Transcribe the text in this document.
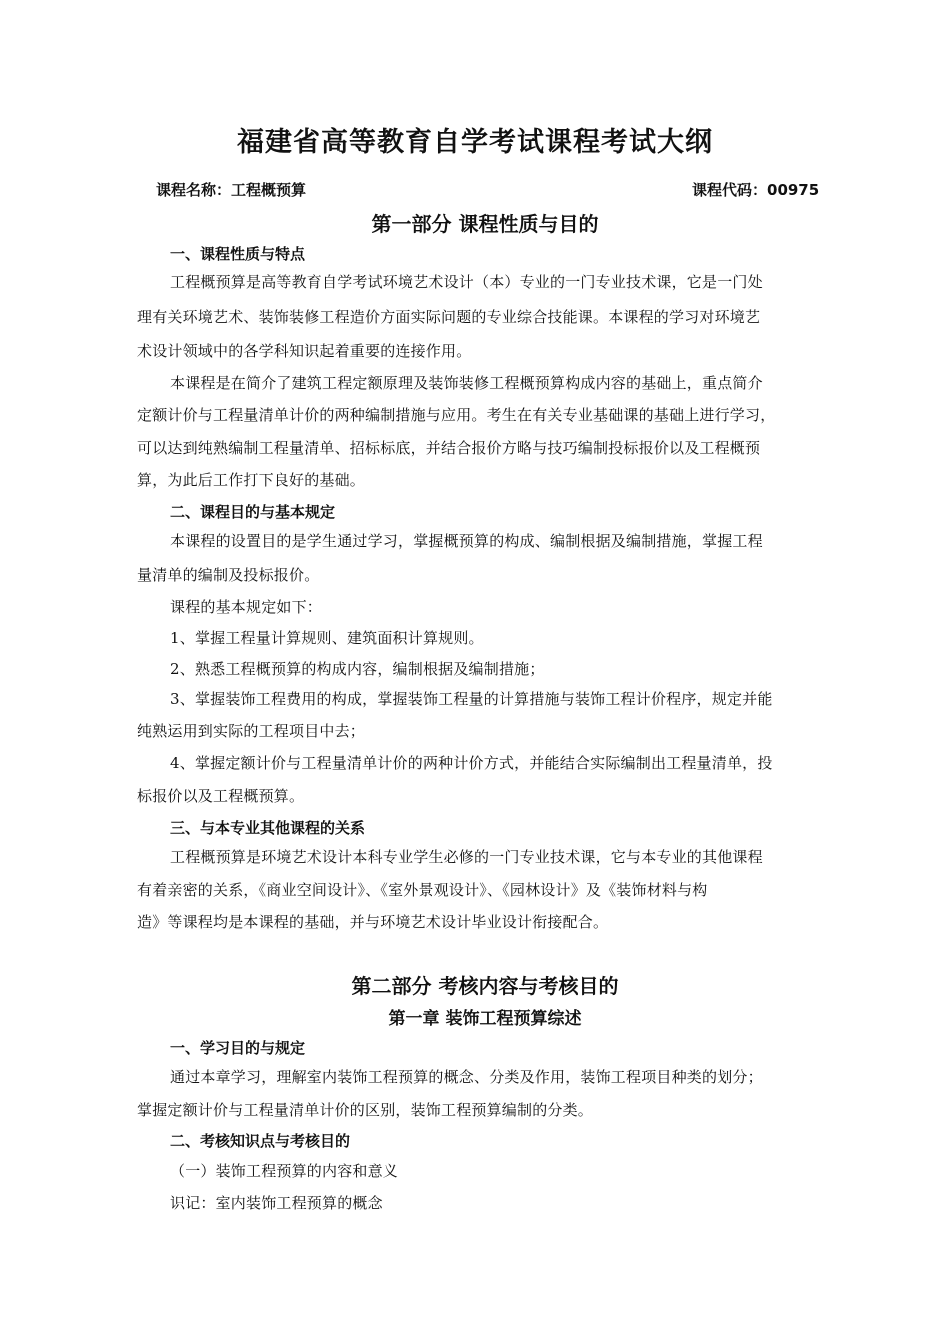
福建省高等教育自学考试课程考试大纲
课程名称：工程概预算	课程代码：00975
第一部分 课程性质与目的
一、课程性质与特点
工程概预算是高等教育自学考试环境艺术设计（本）专业的一门专业技术课，它是一门处
理有关环境艺术、装饰装修工程造价方面实际问题的专业综合技能课。本课程的学习对环境艺
术设计领域中的各学科知识起着重要的连接作用。
本课程是在简介了建筑工程定额原理及装饰装修工程概预算构成内容的基础上，重点简介
定额计价与工程量清单计价的两种编制措施与应用。考生在有关专业基础课的基础上进行学习，
可以达到纯熟编制工程量清单、招标标底，并结合报价方略与技巧编制投标报价以及工程概预
算，为此后工作打下良好的基础。
二、课程目的与基本规定
本课程的设置目的是学生通过学习，掌握概预算的构成、编制根据及编制措施，掌握工程
量清单的编制及投标报价。
课程的基本规定如下：
1、掌握工程量计算规则、建筑面积计算规则。
2、熟悉工程概预算的构成内容，编制根据及编制措施；
3、掌握装饰工程费用的构成，掌握装饰工程量的计算措施与装饰工程计价程序，规定并能
纯熟运用到实际的工程项目中去；
4、掌握定额计价与工程量清单计价的两种计价方式，并能结合实际编制出工程量清单，投
标报价以及工程概预算。
三、与本专业其他课程的关系
工程概预算是环境艺术设计本科专业学生必修的一门专业技术课，它与本专业的其他课程
有着亲密的关系，《商业空间设计》、《室外景观设计》、《园林设计》及《装饰材料与构
造》等课程均是本课程的基础，并与环境艺术设计毕业设计衔接配合。
第二部分 考核内容与考核目的
第一章 装饰工程预算综述
一、学习目的与规定
通过本章学习，理解室内装饰工程预算的概念、分类及作用，装饰工程项目种类的划分；
掌握定额计价与工程量清单计价的区别，装饰工程预算编制的分类。
二、考核知识点与考核目的
（一）装饰工程预算的内容和意义
识记：室内装饰工程预算的概念
